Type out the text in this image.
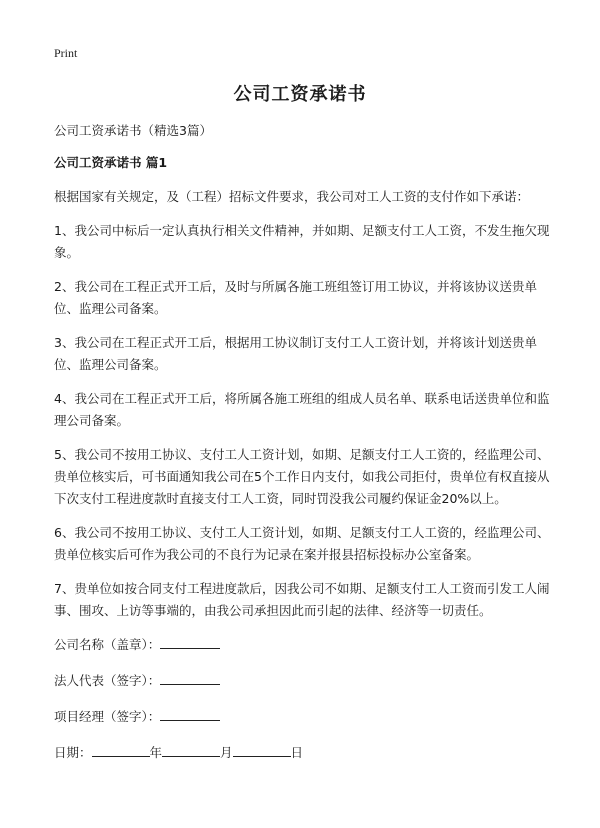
Print
公司工资承诺书

公司工资承诺书（精选3篇）

公司工资承诺书 篇1

根据国家有关规定，及（工程）招标文件要求，我公司对工人工资的支付作如下承诺：

1、我公司中标后一定认真执行相关文件精神，并如期、足额支付工人工资，不发生拖欠现象。

2、我公司在工程正式开工后，及时与所属各施工班组签订用工协议，并将该协议送贵单位、监理公司备案。

3、我公司在工程正式开工后，根据用工协议制订支付工人工资计划，并将该计划送贵单位、监理公司备案。

4、我公司在工程正式开工后，将所属各施工班组的组成人员名单、联系电话送贵单位和监理公司备案。

5、我公司不按用工协议、支付工人工资计划，如期、足额支付工人工资的，经监理公司、贵单位核实后，可书面通知我公司在5个工作日内支付，如我公司拒付，贵单位有权直接从下次支付工程进度款时直接支付工人工资，同时罚没我公司履约保证金20%以上。

6、我公司不按用工协议、支付工人工资计划，如期、足额支付工人工资的，经监理公司、贵单位核实后可作为我公司的不良行为记录在案并报县招标投标办公室备案。

7、贵单位如按合同支付工程进度款后，因我公司不如期、足额支付工人工资而引发工人闹事、围攻、上访等事端的，由我公司承担因此而引起的法律、经济等一切责任。

公司名称（盖章）：

法人代表（签字）：

项目经理（签字）：

日期：	年	月	日
